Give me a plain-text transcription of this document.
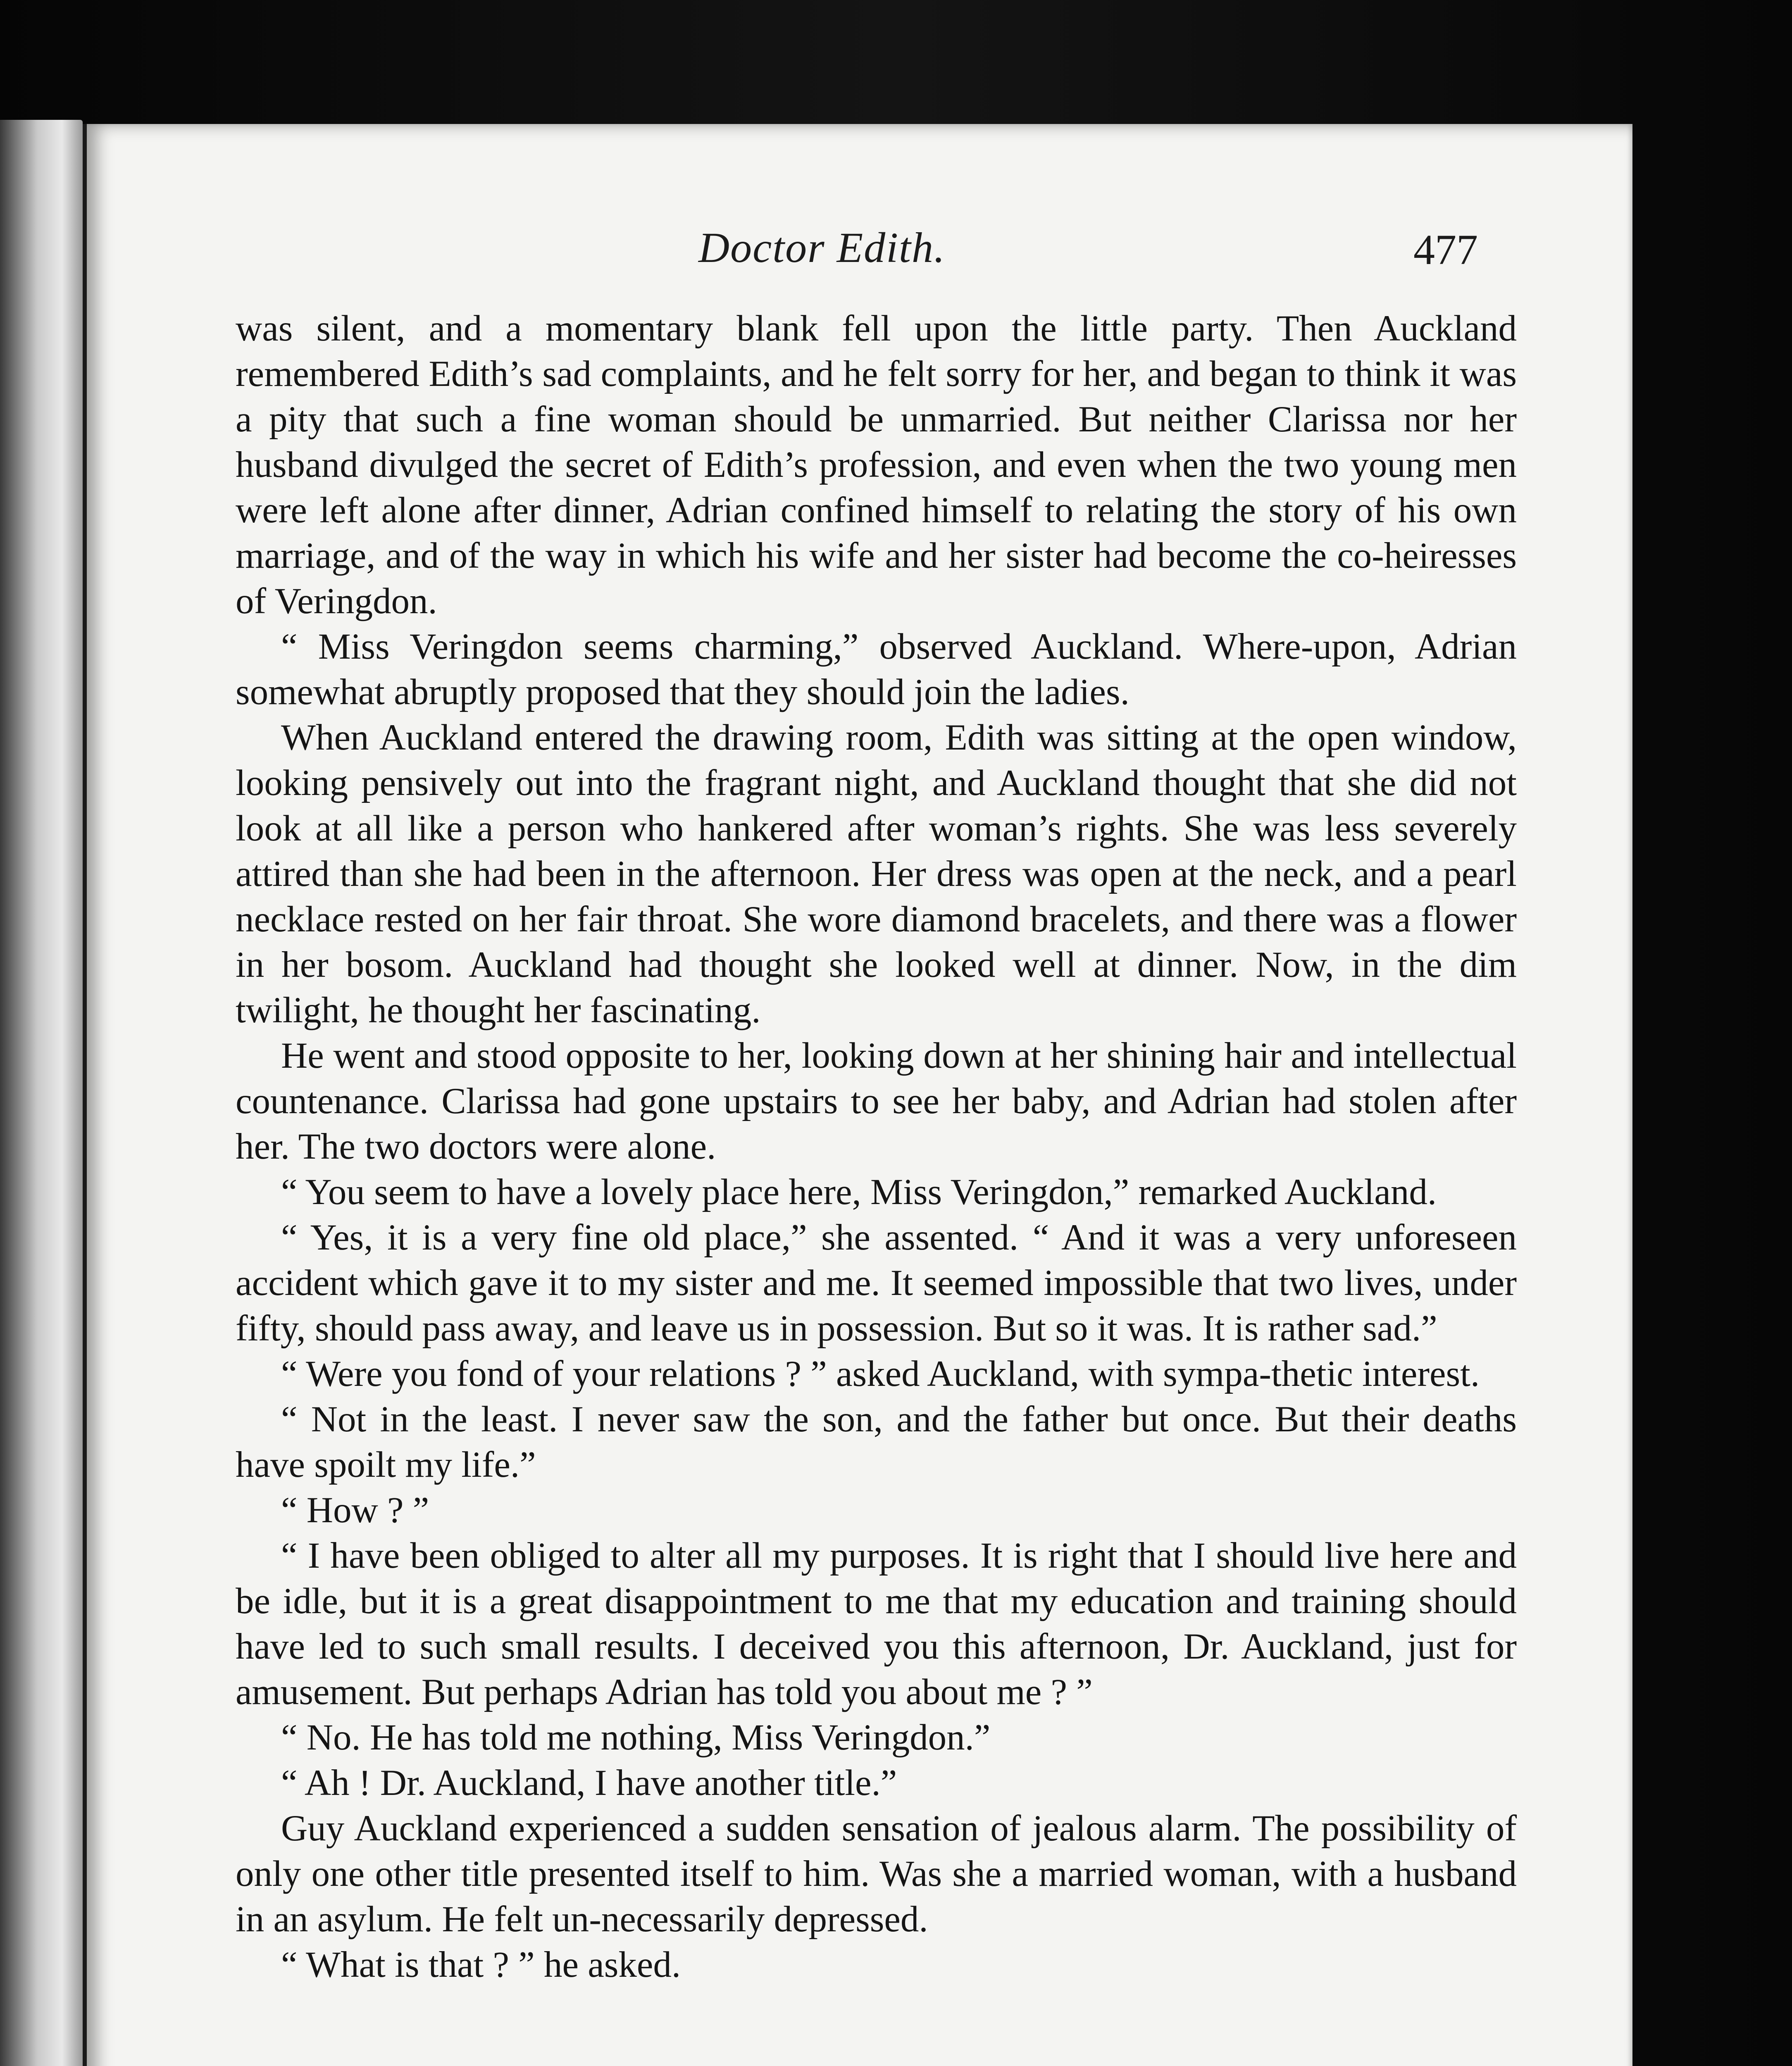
Doctor Edith.	477

was silent, and a momentary blank fell upon the little party. Then Auckland remembered Edith’s sad complaints, and he felt sorry for her, and began to think it was a pity that such a fine woman should be unmarried. But neither Clarissa nor her husband divulged the secret of Edith’s profession, and even when the two young men were left alone after dinner, Adrian confined himself to relating the story of his own marriage, and of the way in which his wife and her sister had become the co-heiresses of Veringdon.

“ Miss Veringdon seems charming,” observed Auckland. Where-upon, Adrian somewhat abruptly proposed that they should join the ladies.

When Auckland entered the drawing room, Edith was sitting at the open window, looking pensively out into the fragrant night, and Auckland thought that she did not look at all like a person who hankered after woman’s rights. She was less severely attired than she had been in the afternoon. Her dress was open at the neck, and a pearl necklace rested on her fair throat. She wore diamond bracelets, and there was a flower in her bosom. Auckland had thought she looked well at dinner. Now, in the dim twilight, he thought her fascinating.

He went and stood opposite to her, looking down at her shining hair and intellectual countenance. Clarissa had gone upstairs to see her baby, and Adrian had stolen after her. The two doctors were alone.

“ You seem to have a lovely place here, Miss Veringdon,” remarked Auckland.

“ Yes, it is a very fine old place,” she assented. “ And it was a very unforeseen accident which gave it to my sister and me. It seemed impossible that two lives, under fifty, should pass away, and leave us in possession. But so it was. It is rather sad.”

“ Were you fond of your relations ? ” asked Auckland, with sympa-thetic interest.

“ Not in the least. I never saw the son, and the father but once. But their deaths have spoilt my life.”

“ How ? ”

“ I have been obliged to alter all my purposes. It is right that I should live here and be idle, but it is a great disappointment to me that my education and training should have led to such small results. I deceived you this afternoon, Dr. Auckland, just for amusement. But perhaps Adrian has told you about me ? ”

“ No. He has told me nothing, Miss Veringdon.”

“ Ah ! Dr. Auckland, I have another title.”

Guy Auckland experienced a sudden sensation of jealous alarm. The possibility of only one other title presented itself to him. Was she a married woman, with a husband in an asylum. He felt un-necessarily depressed.

“ What is that ? ” he asked.
